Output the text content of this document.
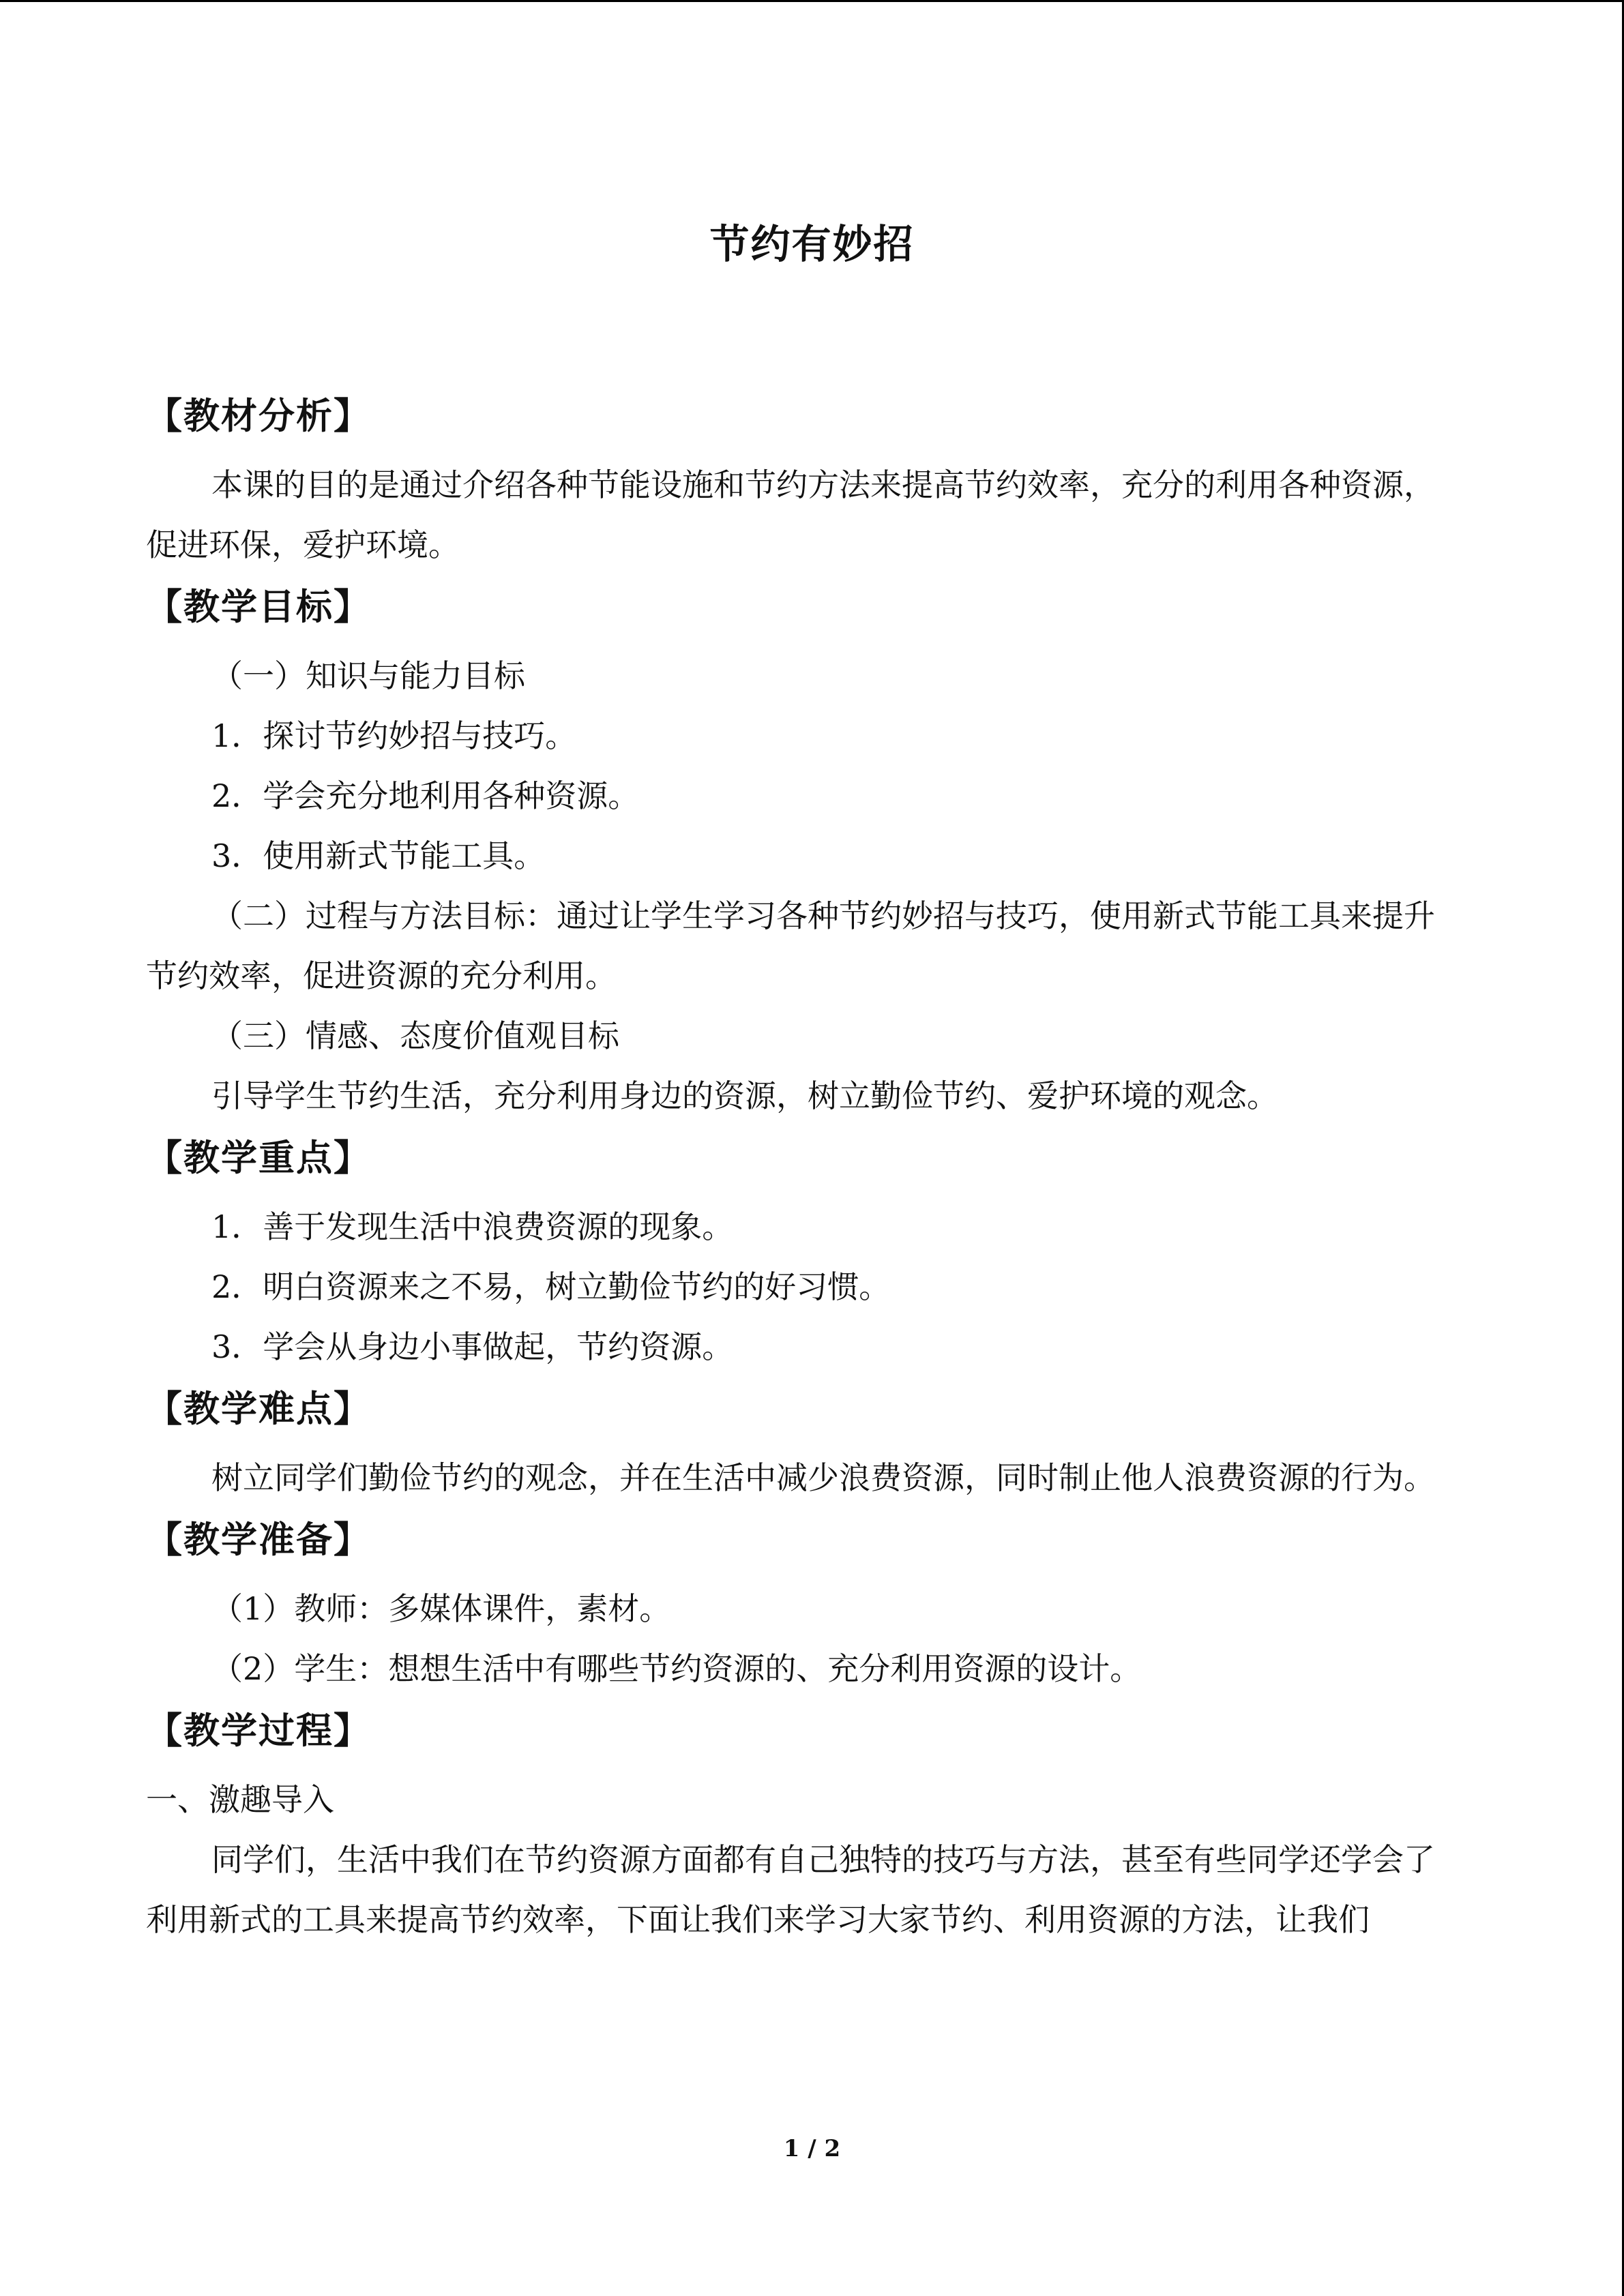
节约有妙招
【教材分析】

本课的目的是通过介绍各种节能设施和节约方法来提高节约效率，充分的利用各种资源，促进环保，爱护环境。

【教学目标】

（一）知识与能力目标

1．探讨节约妙招与技巧。

2．学会充分地利用各种资源。

3．使用新式节能工具。

（二）过程与方法目标：通过让学生学习各种节约妙招与技巧，使用新式节能工具来提升节约效率，促进资源的充分利用。

（三）情感、态度价值观目标

引导学生节约生活，充分利用身边的资源，树立勤俭节约、爱护环境的观念。

【教学重点】

1．善于发现生活中浪费资源的现象。

2．明白资源来之不易，树立勤俭节约的好习惯。

3．学会从身边小事做起，节约资源。

【教学难点】

树立同学们勤俭节约的观念，并在生活中减少浪费资源，同时制止他人浪费资源的行为。

【教学准备】

（1）教师：多媒体课件，素材。

（2）学生：想想生活中有哪些节约资源的、充分利用资源的设计。

【教学过程】

一、激趣导入

同学们，生活中我们在节约资源方面都有自己独特的技巧与方法，甚至有些同学还学会了利用新式的工具来提高节约效率，下面让我们来学习大家节约、利用资源的方法，让我们

1 / 2
